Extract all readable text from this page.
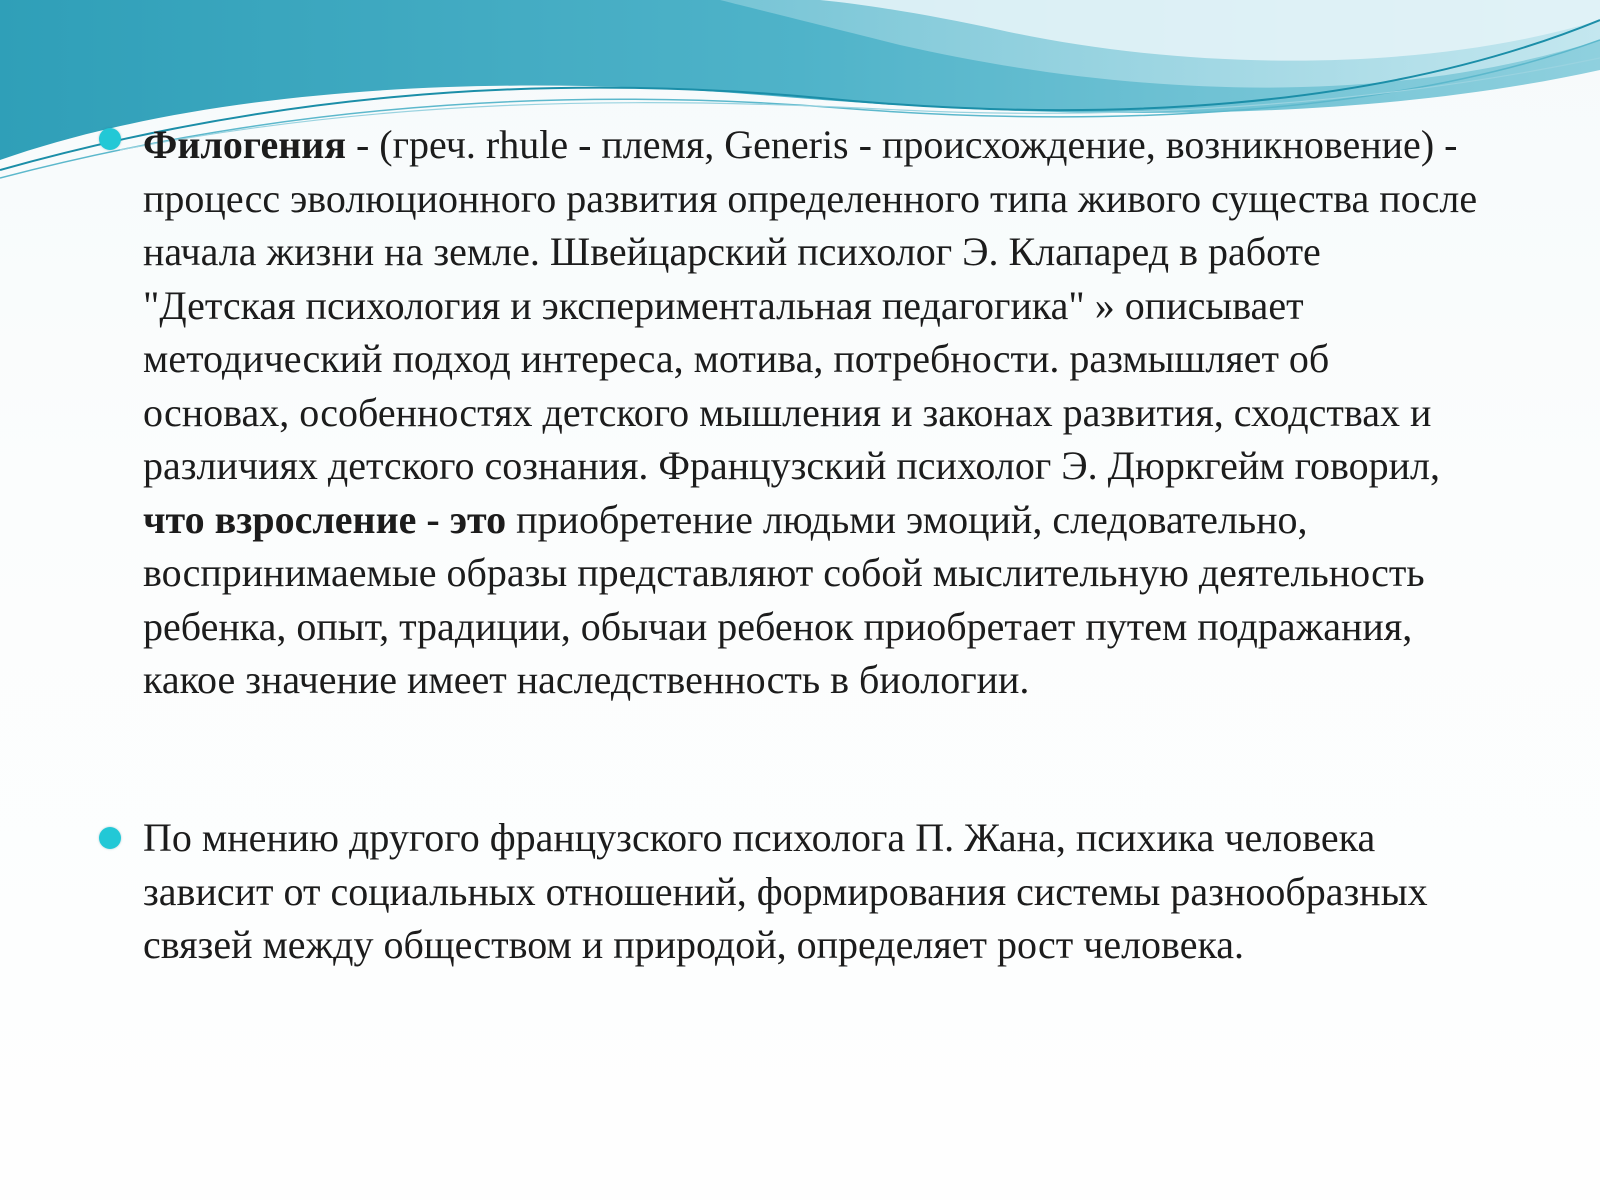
Филогения - (греч. rhule - племя, Generis - происхождение, возникновение) - процесс эволюционного развития определенного типа живого существа после начала жизни на земле. Швейцарский психолог Э. Клапаред в работе "Детская психология и экспериментальная педагогика" » описывает методический подход интереса, мотива, потребности. размышляет об основах, особенностях детского мышления и законах развития, сходствах и различиях детского сознания. Французский психолог Э. Дюркгейм говорил, что взросление - это приобретение людьми эмоций, следовательно, воспринимаемые образы представляют собой мыслительную деятельность ребенка, опыт, традиции, обычаи ребенок приобретает путем подражания, какое значение имеет наследственность в биологии.
По мнению другого французского психолога П. Жана, психика человека зависит от социальных отношений, формирования системы разнообразных связей между обществом и природой, определяет рост человека.
